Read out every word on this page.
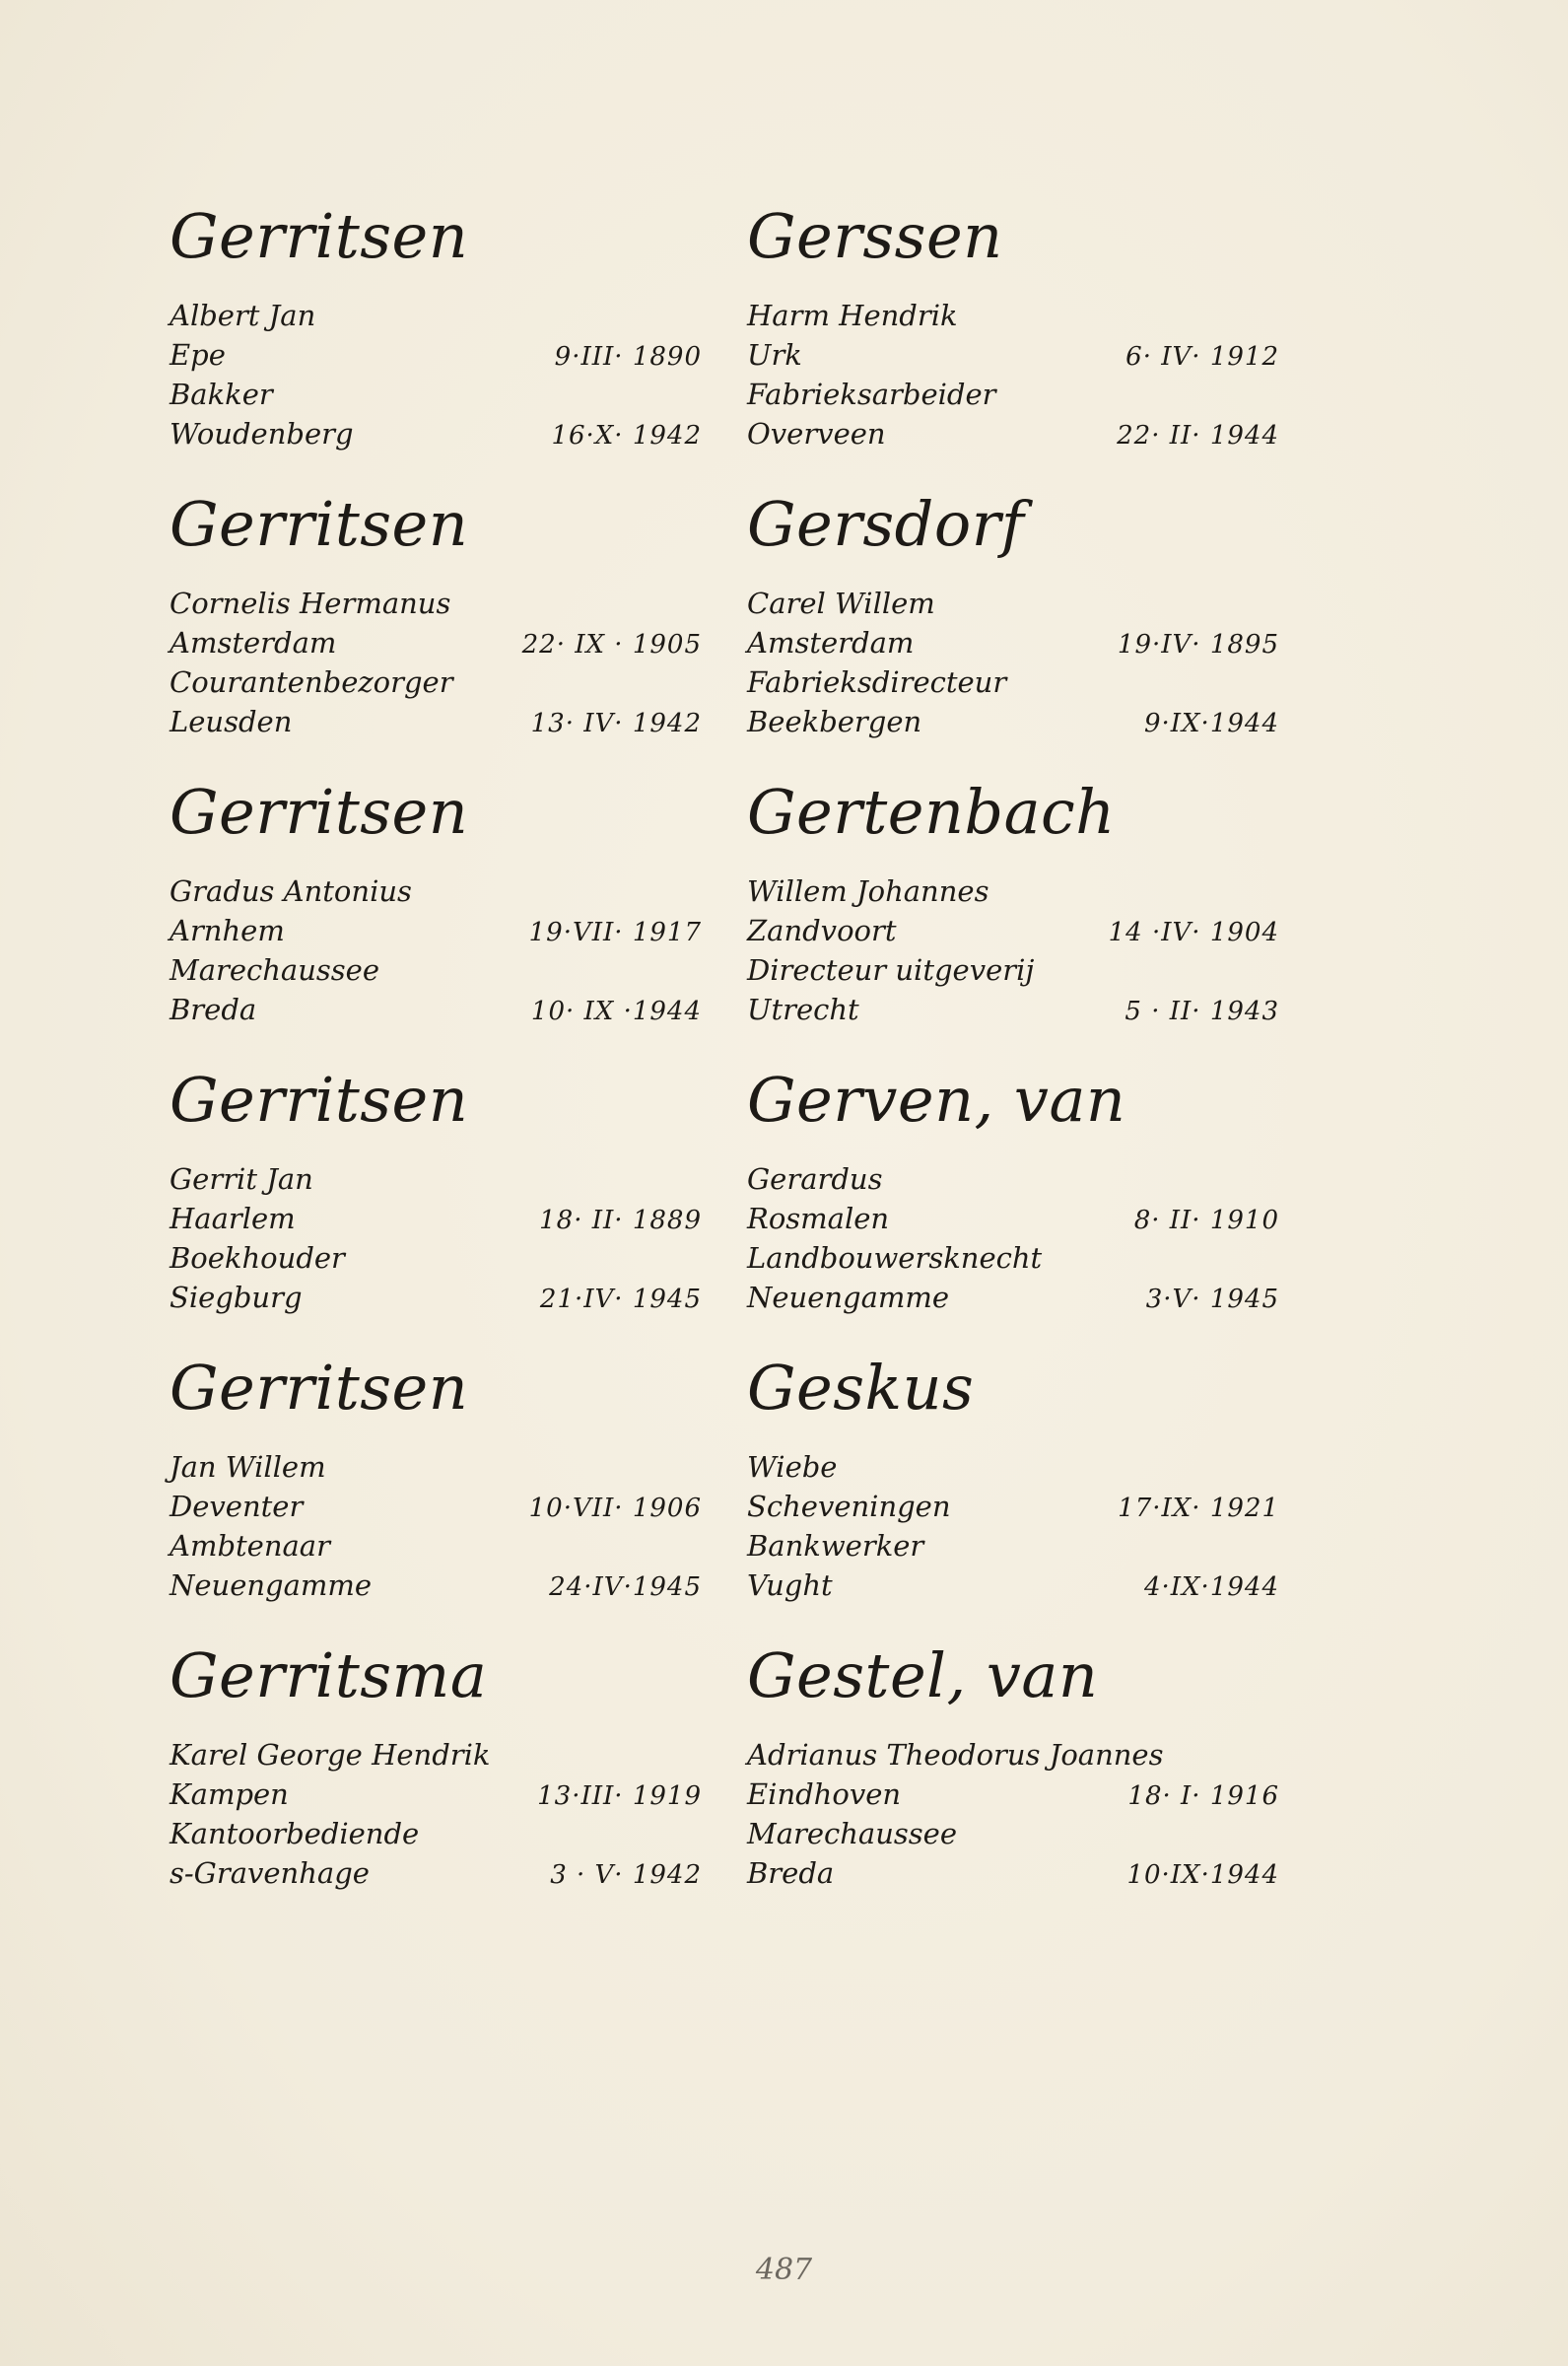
Gerritsen
Albert Jan
Epe	9·III· 1890
Bakker
Woudenberg	16·X· 1942
Gerritsen
Cornelis Hermanus
Amsterdam	22· IX · 1905
Courantenbezorger
Leusden	13· IV· 1942
Gerritsen
Gradus Antonius
Arnhem	19·VII· 1917
Marechaussee
Breda	10· IX ·1944
Gerritsen
Gerrit Jan
Haarlem	18· II· 1889
Boekhouder
Siegburg	21·IV· 1945
Gerritsen
Jan Willem
Deventer	10·VII· 1906
Ambtenaar
Neuengamme	24·IV·1945
Gerritsma
Karel George Hendrik
Kampen	13·III· 1919
Kantoorbediende
s-Gravenhage	3 · V· 1942
Gerssen
Harm Hendrik
Urk	6· IV· 1912
Fabrieksarbeider
Overveen	22· II· 1944
Gersdorf
Carel Willem
Amsterdam	19·IV· 1895
Fabrieksdirecteur
Beekbergen	9·IX·1944
Gertenbach
Willem Johannes
Zandvoort	14 ·IV· 1904
Directeur uitgeverij
Utrecht	5 · II· 1943
Gerven, van
Gerardus
Rosmalen	8· II· 1910
Landbouwersknecht
Neuengamme	3·V· 1945
Geskus
Wiebe
Scheveningen	17·IX· 1921
Bankwerker
Vught	4·IX·1944
Gestel, van
Adrianus Theodorus Joannes
Eindhoven	18· I· 1916
Marechaussee
Breda	10·IX·1944
487
